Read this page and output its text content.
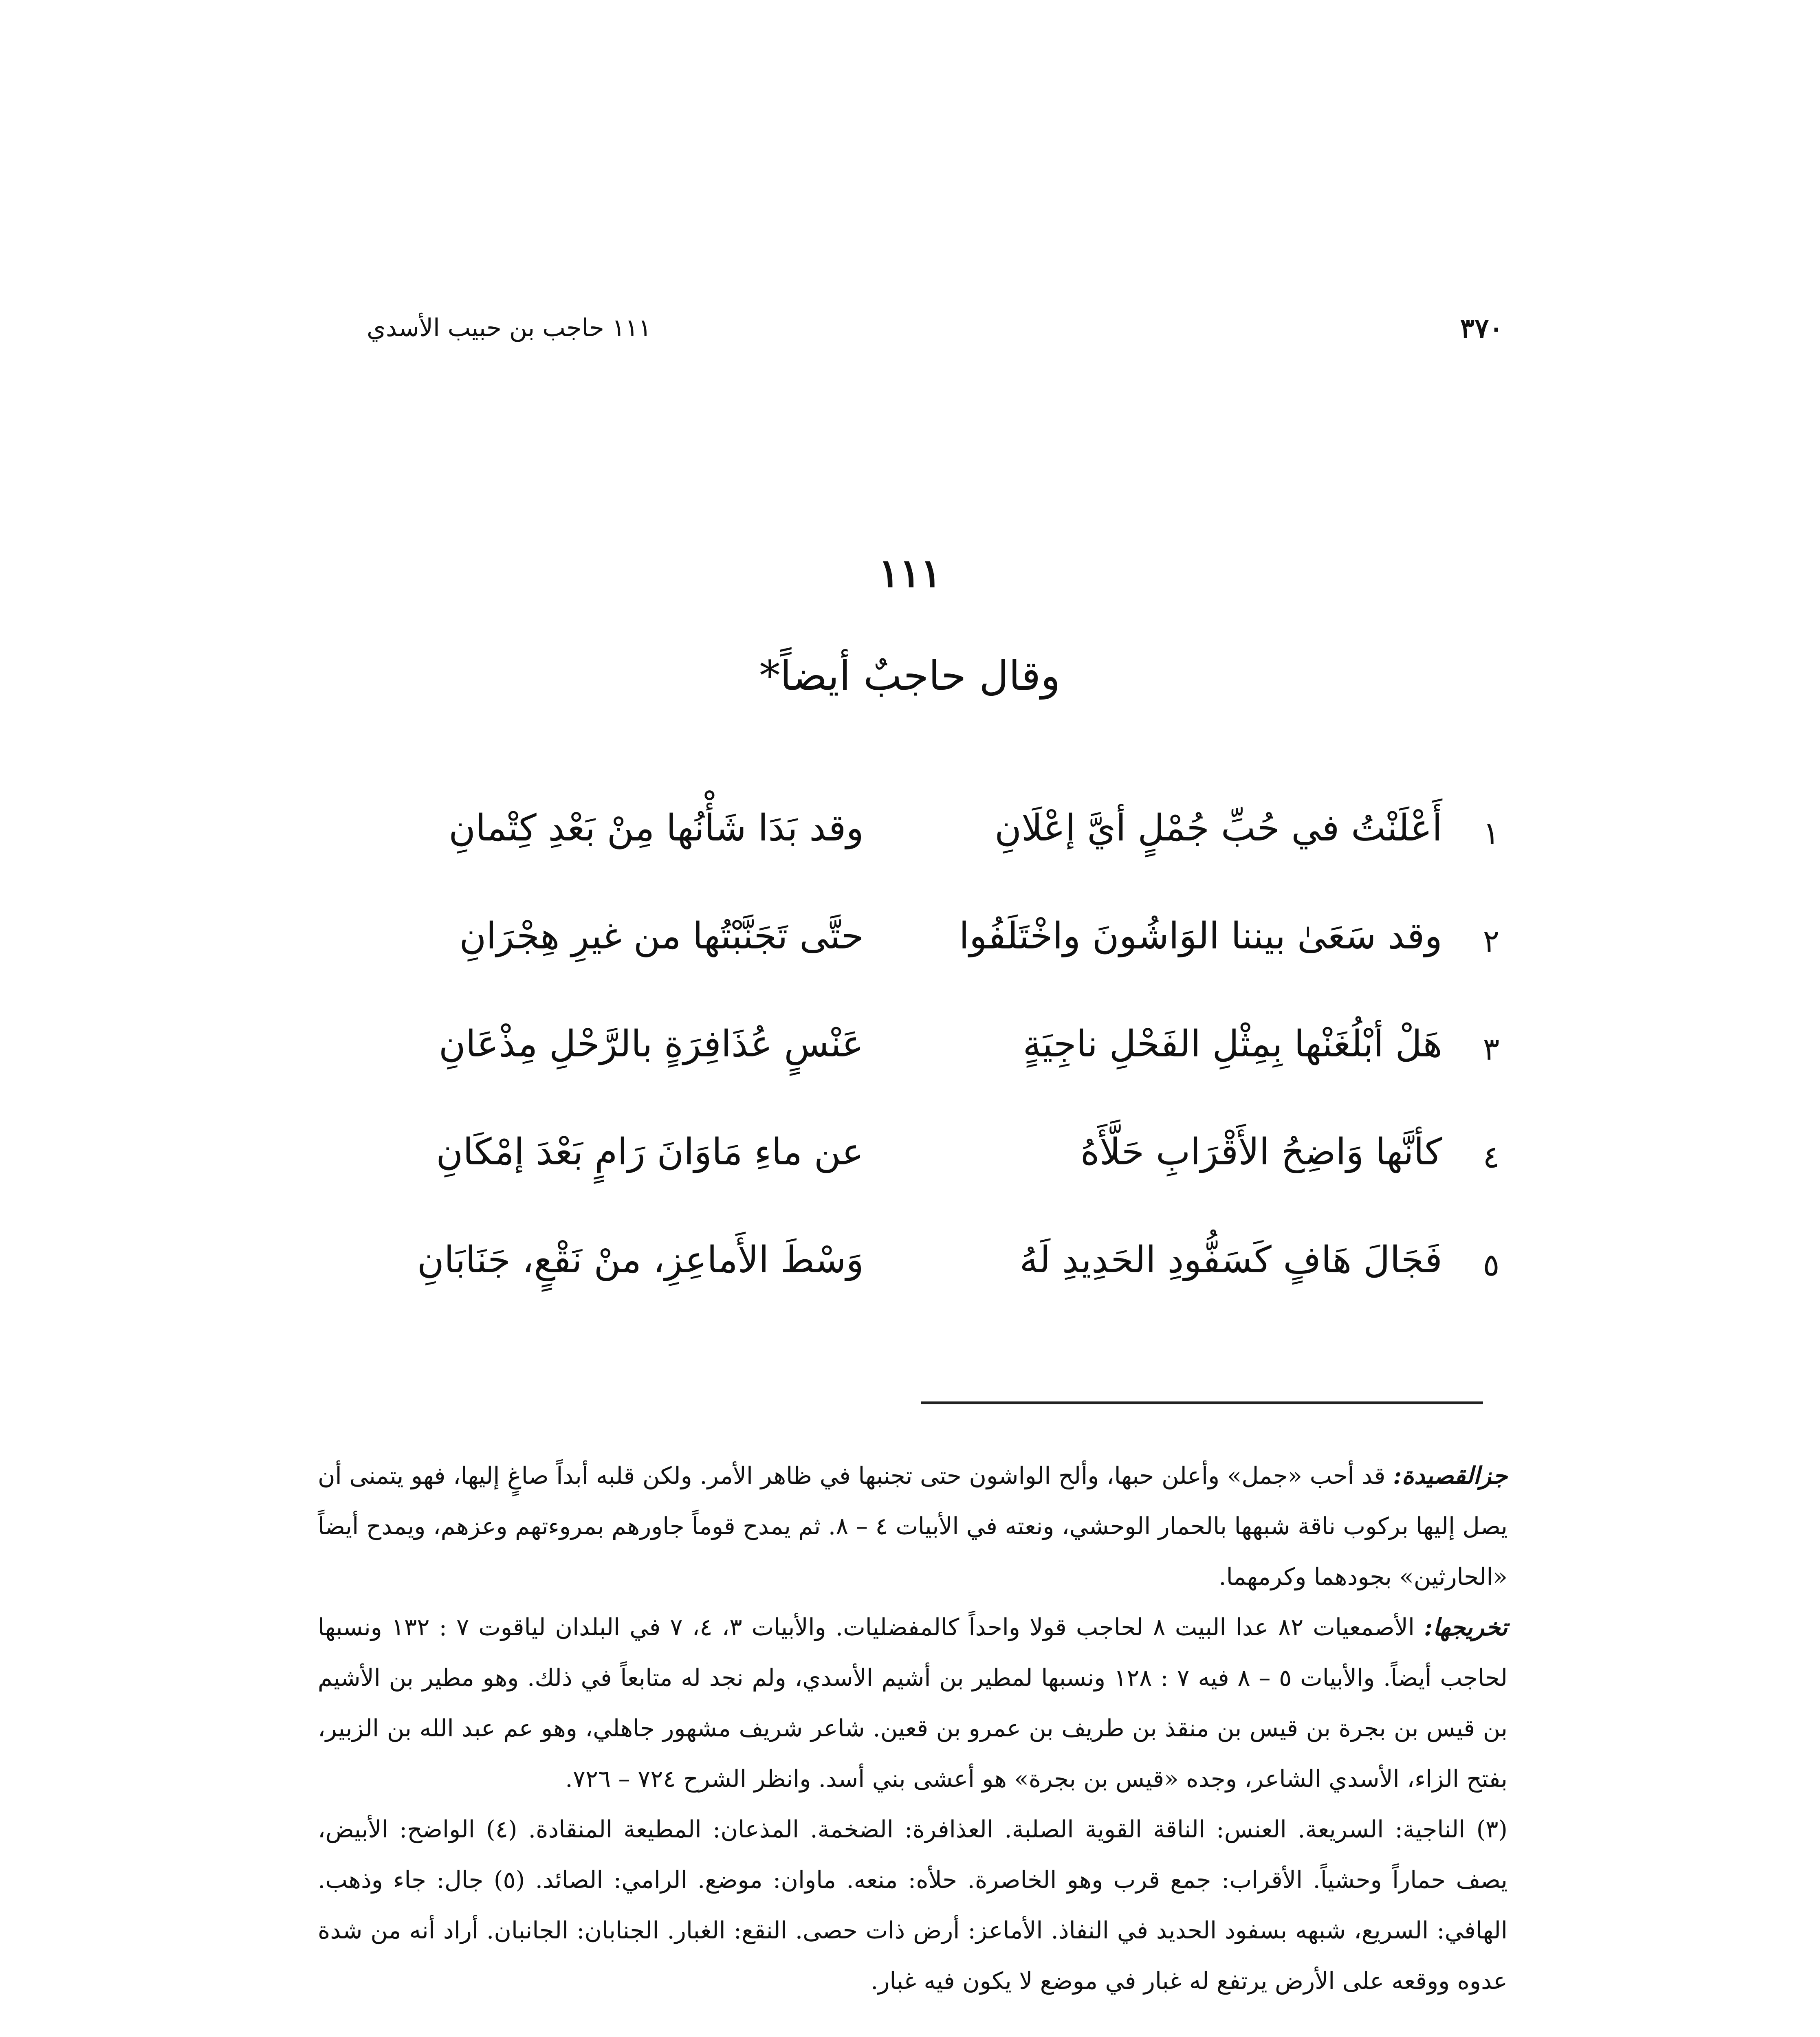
٣٧٠
١١١ حاجب بن حبيب الأسدي
١١١
وقال حاجبٌ أيضاً*
١
أَعْلَنْتُ في حُبِّ جُمْلٍ أيَّ إعْلَانِ
وقد بَدَا شَأْنُها مِنْ بَعْدِ كِتْمانِ
٢
وقد سَعَىٰ بيننا الوَاشُونَ واخْتَلَفُوا
حتَّى تَجَنَّبْتُها من غيرِ هِجْرَانِ
٣
هَلْ أبْلُغَنْها بِمِثْلِ الفَحْلِ ناجِيَةٍ
عَنْسٍ عُذَافِرَةٍ بالرَّحْلِ مِذْعَانِ
٤
كأنَّها وَاضِحُ الأَقْرَابِ حَلَّأَهُ
عن ماءِ مَاوَانَ رَامٍ بَعْدَ إمْكَانِ
٥
فَجَالَ هَافٍ كَسَفُّودِ الحَدِيدِ لَهُ
وَسْطَ الأَماعِزِ، منْ نَقْعٍ، جَنَابَانِ

جزالقصيدة: قد أحب «جمل» وأعلن حبها، وألح الواشون حتى تجنبها في ظاهر الأمر. ولكن قلبه أبداً صاغٍ إليها، فهو يتمنى أن يصل إليها بركوب ناقة شبهها بالحمار الوحشي، ونعته في الأبيات ٤ – ٨. ثم يمدح قوماً جاورهم بمروءتهم وعزهم، ويمدح أيضاً «الحارثين» بجودهما وكرمهما.

تخريجها: الأصمعيات ٨٢ عدا البيت ٨ لحاجب قولا واحداً كالمفضليات. والأبيات ٣، ٤، ٧ في البلدان لياقوت ٧ : ١٣٢ ونسبها لحاجب أيضاً. والأبيات ٥ – ٨ فيه ٧ : ١٢٨ ونسبها لمطير بن أشيم الأسدي، ولم نجد له متابعاً في ذلك. وهو مطير بن الأشيم بن قيس بن بجرة بن قيس بن منقذ بن طريف بن عمرو بن قعين. شاعر شريف مشهور جاهلي، وهو عم عبد الله بن الزبير، بفتح الزاء، الأسدي الشاعر، وجده «قيس بن بجرة» هو أعشى بني أسد. وانظر الشرح ٧٢٤ – ٧٢٦.

(٣) الناجية: السريعة. العنس: الناقة القوية الصلبة. العذافرة: الضخمة. المذعان: المطيعة المنقادة. (٤) الواضح: الأبيض، يصف حماراً وحشياً. الأقراب: جمع قرب وهو الخاصرة. حلأه: منعه. ماوان: موضع. الرامي: الصائد. (٥) جال: جاء وذهب. الهافي: السريع، شبهه بسفود الحديد في النفاذ. الأماعز: أرض ذات حصى. النقع: الغبار. الجنابان: الجانبان. أراد أنه من شدة عدوه ووقعه على الأرض يرتفع له غبار في موضع لا يكون فيه غبار.
